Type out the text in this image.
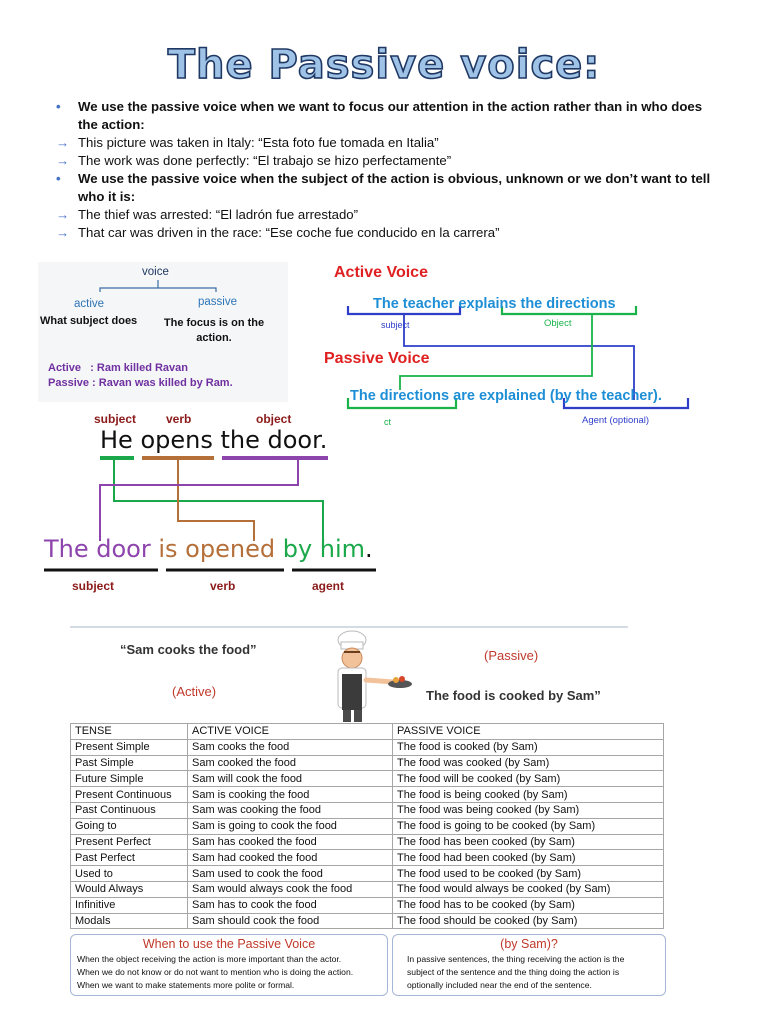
The Passive voice:
• We use the passive voice when we want to focus our attention in the action rather than in who does the action:
→ This picture was taken in Italy: “Esta foto fue tomada en Italia”
→ The work was done perfectly: “El trabajo se hizo perfectamente”
• We use the passive voice when the subject of the action is obvious, unknown or we don’t want to tell who it is:
→ The thief was arrested: “El ladrón fue arrestado”
→ That car was driven in the race: “Ese coche fue conducido en la carrera”
voice
active	passive
What subject does	The focus is on the action.
Active   : Ram killed Ravan
Passive : Ravan was killed by Ram.
Active Voice
The teacher explains the directions
subject	Object
Passive Voice
The directions are explained (by the teacher).
ct	Agent (optional)
subject verb	object
He opens the door.
The door is opened by him.
subject	verb	agent
“Sam cooks the food”	(Passive)
(Active)	The food is cooked by Sam”
TENSE	ACTIVE VOICE	PASSIVE VOICE
Present Simple	Sam cooks the food	The food is cooked (by Sam)
Past Simple	Sam cooked the food	The food was cooked (by Sam)
Future Simple	Sam will cook the food	The food will be cooked (by Sam)
Present Continuous	Sam is cooking the food	The food is being cooked (by Sam)
Past Continuous	Sam was cooking the food	The food was being cooked (by Sam)
Going to	Sam is going to cook the food	The food is going to be cooked (by Sam)
Present Perfect	Sam has cooked the food	The food has been cooked (by Sam)
Past Perfect	Sam had cooked the food	The food had been cooked (by Sam)
Used to	Sam used to cook the food	The food used to be cooked (by Sam)
Would Always	Sam would always cook the food	The food would always be cooked (by Sam)
Infinitive	Sam has to cook the food	The food has to be cooked (by Sam)
Modals	Sam should cook the food	The food should be cooked (by Sam)
When to use the Passive Voice
When the object receiving the action is more important than the actor.
When we do not know or do not want to mention who is doing the action.
When we want to make statements more polite or formal.
(by Sam)?
In passive sentences, the thing receiving the action is the
subject of the sentence and the thing doing the action is
optionally included near the end of the sentence.
